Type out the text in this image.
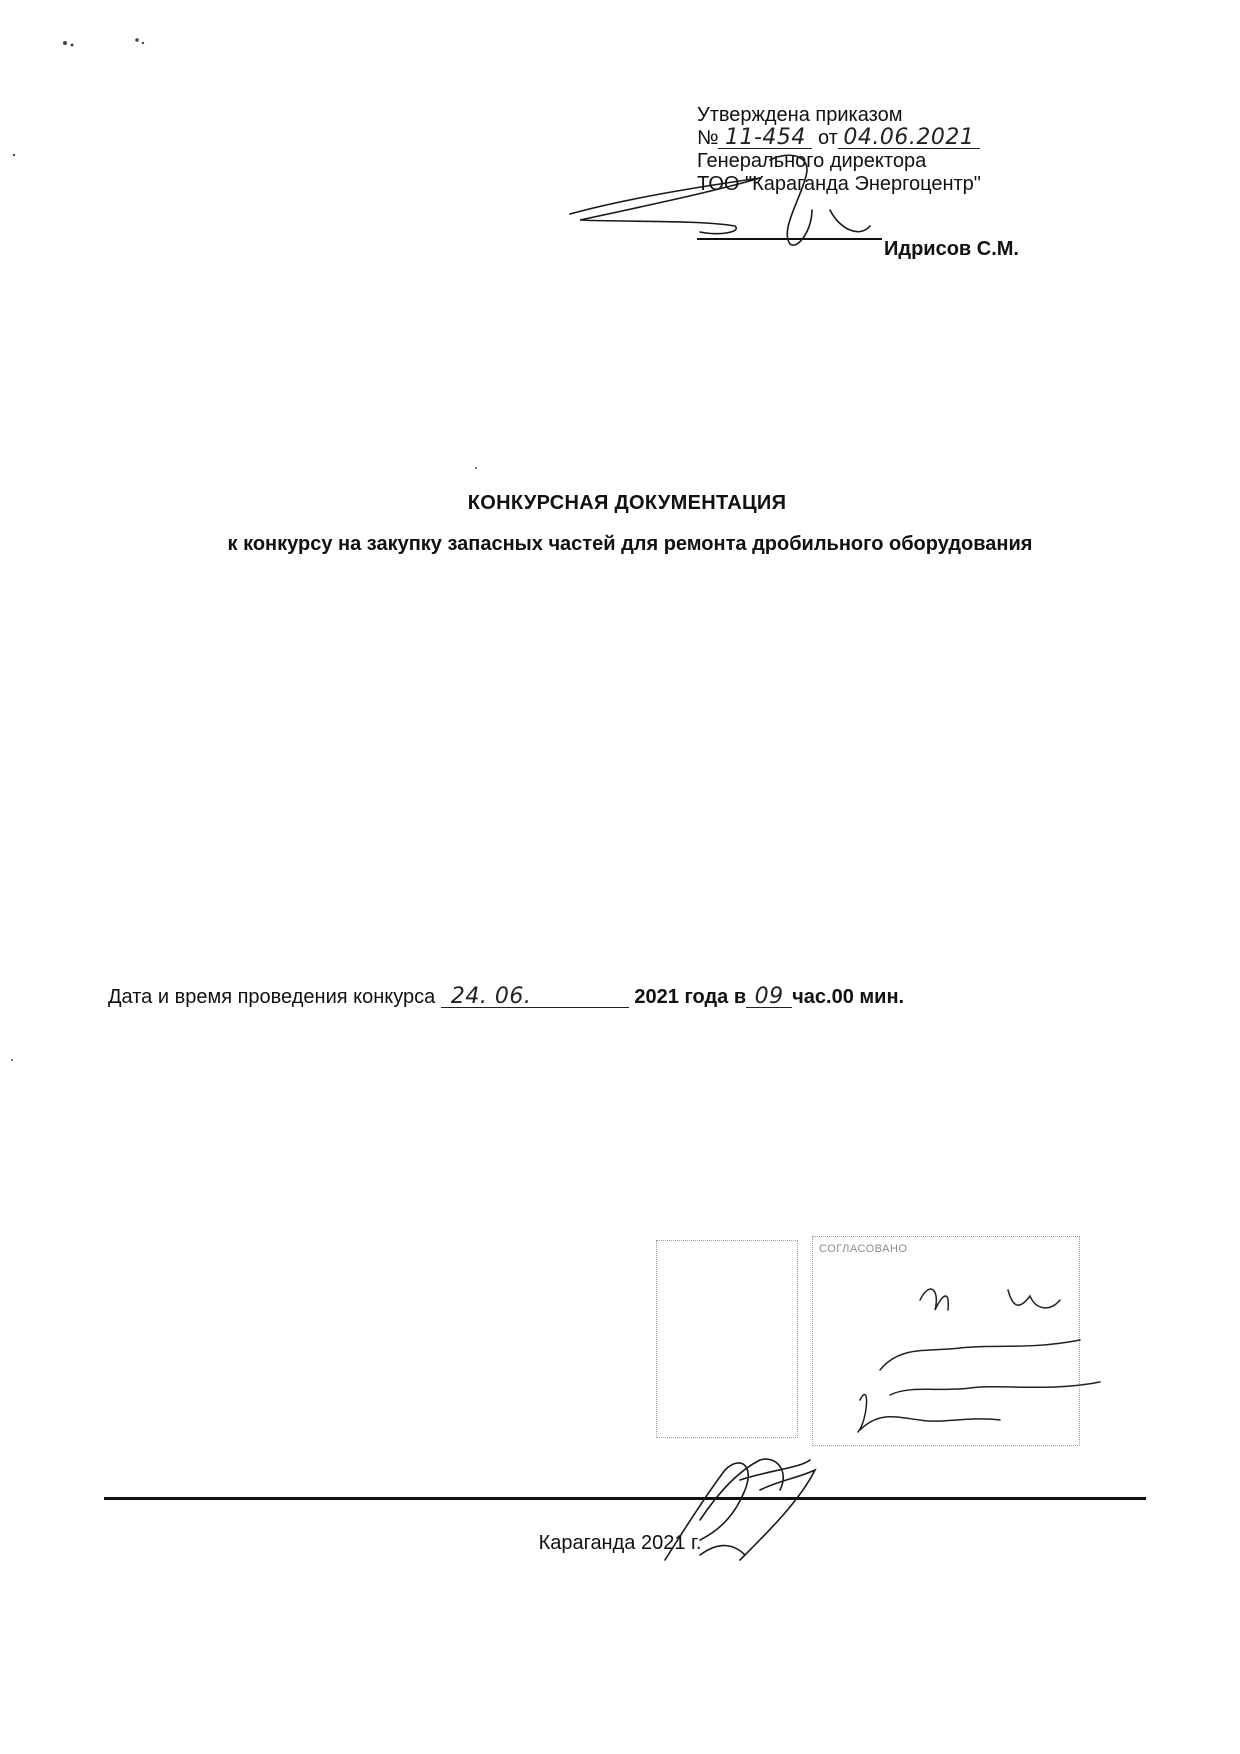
Утверждена приказом
№ 11-454 от 04.06.2021
Генерального директора
ТОО "Караганда Энергоцентр"
Идрисов С.М.
КОНКУРСНАЯ ДОКУМЕНТАЦИЯ
к конкурсу на закупку запасных частей для ремонта дробильного оборудования
Дата и время проведения конкурса 24. 06.	2021 года в 09 час.00 мин.
СОГЛАСОВАНО
Караганда 2021 г.
